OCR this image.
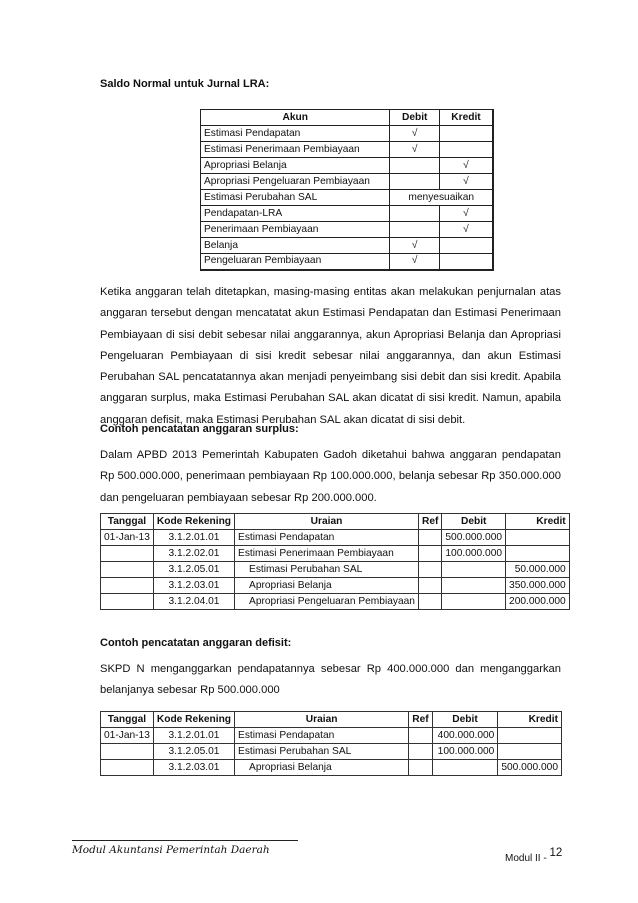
Saldo Normal untuk Jurnal LRA:
Akun	Debit	Kredit
Estimasi Pendapatan	√	
Estimasi Penerimaan Pembiayaan	√	
Apropriasi Belanja		√
Apropriasi Pengeluaran Pembiayaan		√
Estimasi Perubahan SAL	menyesuaikan	
Pendapatan-LRA		√
Penerimaan Pembiayaan		√
Belanja	√	
Pengeluaran Pembiayaan	√	
Ketika anggaran telah ditetapkan, masing-masing entitas akan melakukan penjurnalan atas anggaran tersebut dengan mencatatat akun Estimasi Pendapatan dan Estimasi Penerimaan Pembiayaan di sisi debit sebesar nilai anggarannya, akun Apropriasi Belanja dan Apropriasi Pengeluaran Pembiayaan di sisi kredit sebesar nilai anggarannya, dan akun Estimasi Perubahan SAL pencatatannya akan menjadi penyeimbang sisi debit dan sisi kredit. Apabila anggaran surplus, maka Estimasi Perubahan SAL akan dicatat di sisi kredit. Namun, apabila anggaran defisit, maka Estimasi Perubahan SAL akan dicatat di sisi debit.
Contoh pencatatan anggaran surplus:
Dalam APBD 2013 Pemerintah Kabupaten Gadoh diketahui bahwa anggaran pendapatan Rp 500.000.000, penerimaan pembiayaan Rp 100.000.000, belanja sebesar Rp 350.000.000 dan pengeluaran pembiayaan sebesar Rp 200.000.000.
Tanggal	Kode Rekening	Uraian	Ref	Debit	Kredit
01-Jan-13	3.1.2.01.01	Estimasi Pendapatan		500.000.000	
	3.1.2.02.01	Estimasi Penerimaan Pembiayaan		100.000.000	
	3.1.2.05.01	Estimasi Perubahan SAL			50.000.000
	3.1.2.03.01	Apropriasi Belanja			350.000.000
	3.1.2.04.01	Apropriasi Pengeluaran Pembiayaan			200.000.000
Contoh pencatatan anggaran defisit:
SKPD N menganggarkan pendapatannya sebesar Rp 400.000.000 dan menganggarkan belanjanya sebesar Rp 500.000.000
Tanggal	Kode Rekening	Uraian	Ref	Debit	Kredit
01-Jan-13	3.1.2.01.01	Estimasi Pendapatan		400.000.000	
	3.1.2.05.01	Estimasi Perubahan SAL		100.000.000	
	3.1.2.03.01	Apropriasi Belanja			500.000.000
Modul Akuntansi Pemerintah Daerah
Modul II - 12
